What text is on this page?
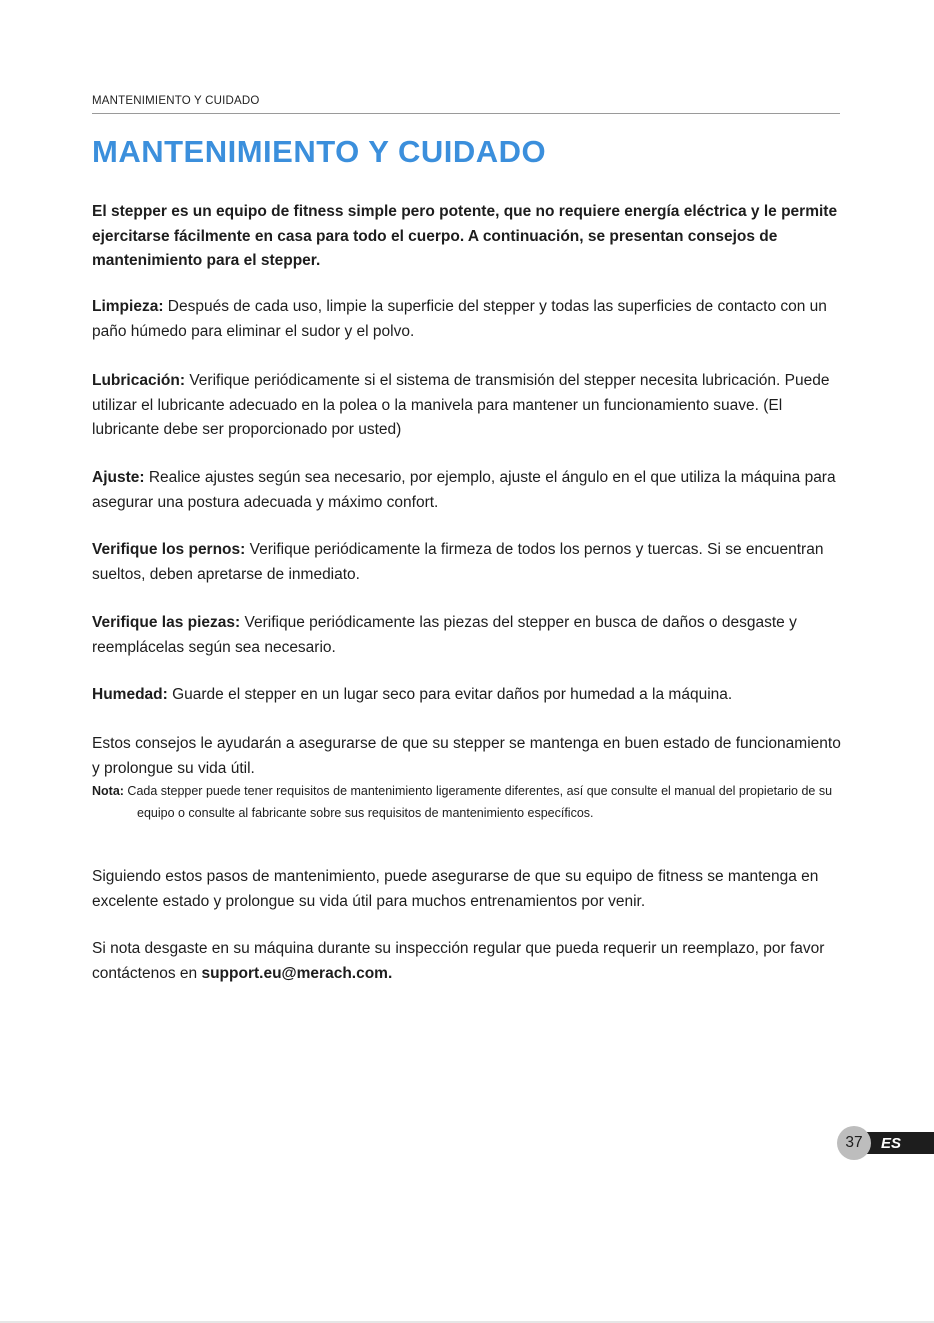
MANTENIMIENTO Y CUIDADO
MANTENIMIENTO Y CUIDADO

El stepper es un equipo de fitness simple pero potente, que no requiere energía eléctrica y le permite ejercitarse fácilmente en casa para todo el cuerpo. A continuación, se presentan consejos de mantenimiento para el stepper.

Limpieza: Después de cada uso, limpie la superficie del stepper y todas las superficies de contacto con un paño húmedo para eliminar el sudor y el polvo.

Lubricación: Verifique periódicamente si el sistema de transmisión del stepper necesita lubricación. Puede utilizar el lubricante adecuado en la polea o la manivela para mantener un funcionamiento suave. (El lubricante debe ser proporcionado por usted)

Ajuste: Realice ajustes según sea necesario, por ejemplo, ajuste el ángulo en el que utiliza la máquina para asegurar una postura adecuada y máximo confort.

Verifique los pernos: Verifique periódicamente la firmeza de todos los pernos y tuercas. Si se encuentran sueltos, deben apretarse de inmediato.

Verifique las piezas: Verifique periódicamente las piezas del stepper en busca de daños o desgaste y reemplácelas según sea necesario.

Humedad: Guarde el stepper en un lugar seco para evitar daños por humedad a la máquina.

Estos consejos le ayudarán a asegurarse de que su stepper se mantenga en buen estado de funcionamiento y prolongue su vida útil.

Nota: Cada stepper puede tener requisitos de mantenimiento ligeramente diferentes, así que consulte el manual del propietario de su equipo o consulte al fabricante sobre sus requisitos de mantenimiento específicos.

Siguiendo estos pasos de mantenimiento, puede asegurarse de que su equipo de fitness se mantenga en excelente estado y prolongue su vida útil para muchos entrenamientos por venir.

Si nota desgaste en su máquina durante su inspección regular que pueda requerir un reemplazo, por favor contáctenos en support.eu@merach.com.

ES
37
